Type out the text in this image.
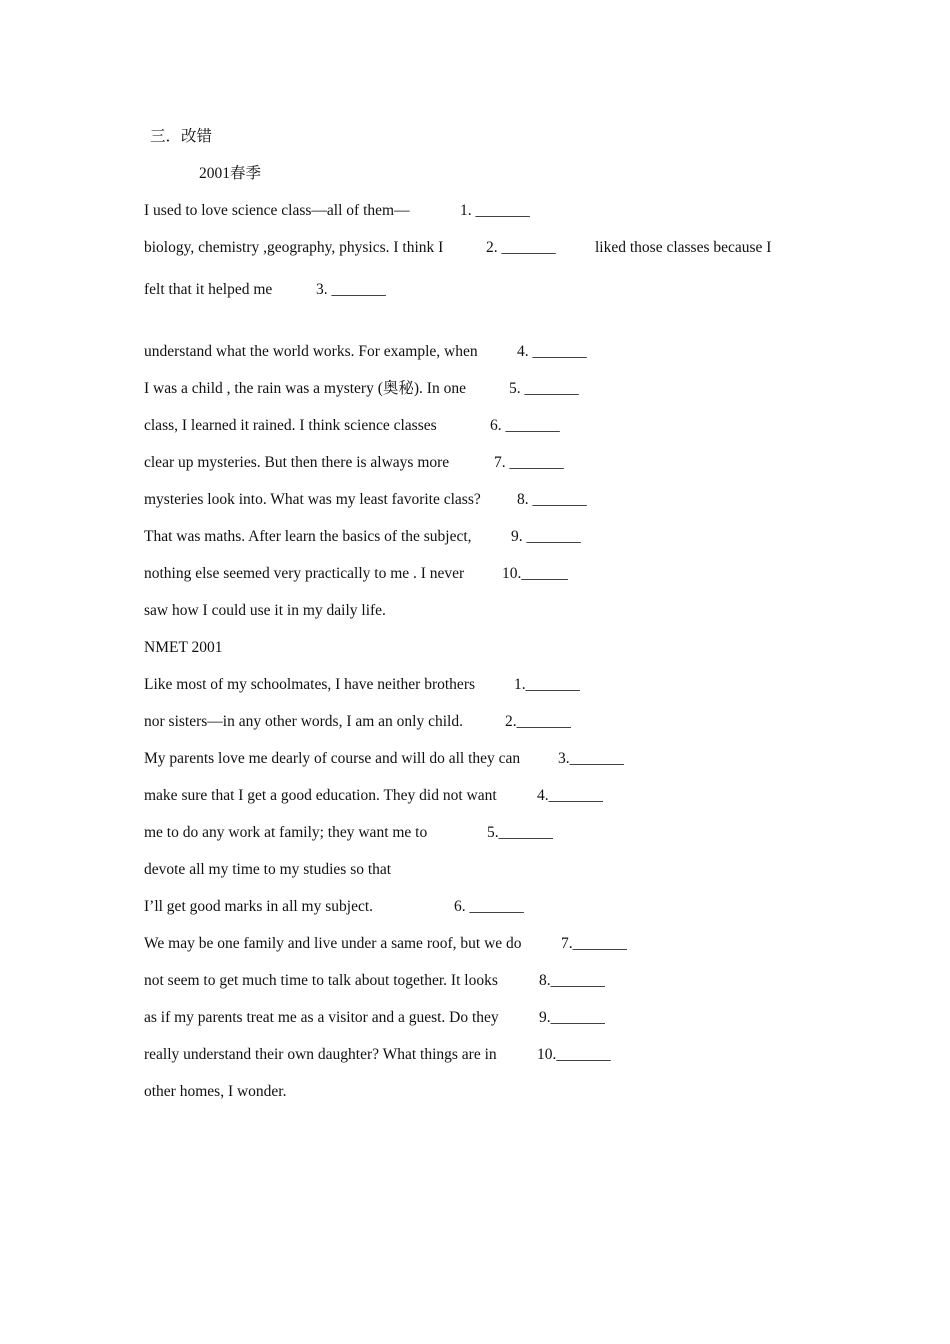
三．改错
2001春季
I used to love science class—all of them—	1. _______
biology, chemistry ,geography, physics. I think I	2. _______	liked those classes because I
felt that it helped me	3. _______
understand what the world works. For example, when	4. _______
I was a child , the rain was a mystery (奥秘). In one	5. _______
class, I learned it rained. I think science classes	6. _______
clear up mysteries. But then there is always more	7. _______
mysteries look into. What was my least favorite class? 8. _______
That was maths. After learn the basics of the subject,	9. _______
nothing else seemed very practically to me . I never 10.______
saw how I could use it in my daily life.
NMET 2001
Like most of my schoolmates, I have neither brothers	1._______
nor sisters—in any other words, I am an only child.	2._______
My parents love me dearly of course and will do all they can 3._______
make sure that I get a good education. They did not want	4._______
me to do any work at family; they want me to	5._______
devote all my time to my studies so that
I’ll get good marks in all my subject.	6. _______
We may be one family and live under a same roof, but we do	7._______
not seem to get much time to talk about together. It looks	8._______
as if my parents treat me as a visitor and a guest. Do they	9._______
really understand their own daughter? What things are in	10._______
other homes, I wonder.
